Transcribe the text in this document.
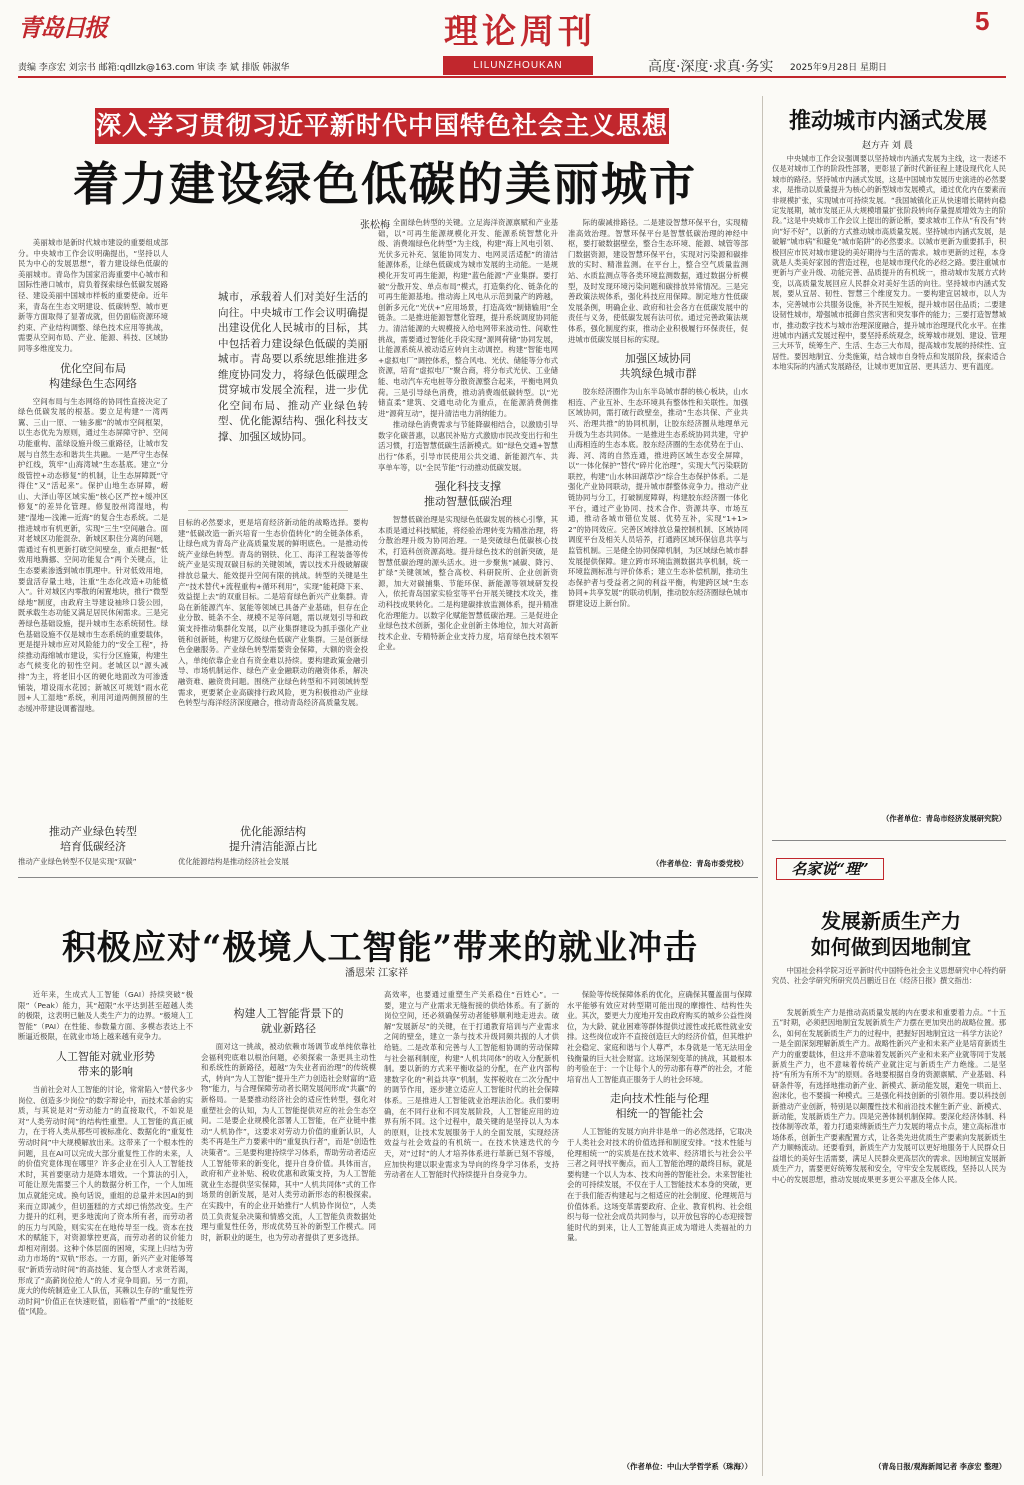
青岛日报	理论周刊	5
LILUNZHOUKAN	高度·深度·求真·务实
责编 李彦宏 刘宗书 邮箱:qdllzk@163.com 审读 李 斌 排版 韩淑华	2025年9月28日 星期日
深入学习贯彻习近平新时代中国特色社会主义思想
着力建设绿色低碳的美丽城市
张松梅

美丽城市是新时代城市建设的重要组成部分。中央城市工作会议明确提出，“坚持以人民为中心的发展思想”，着力建设绿色低碳的美丽城市。青岛作为国家沿海重要中心城市和国际性港口城市，肩负着探索绿色低碳发展路径、建设美丽中国城市样板的重要使命。近年来，青岛在生态文明建设、低碳转型、城市更新等方面取得了显著成就，但仍面临资源环境约束、产业结构调整、绿色技术应用等挑战，需要从空间布局、产业、能源、科技、区域协同等多维度发力。

优化空间布局
构建绿色生态网络

空间布局与生态网络的协同性直接决定了绿色低碳发展的根基。要立足构建“一湾两翼、三山一原、一轴多廊”的城市空间框架，以生态优先为原则，通过生态屏障守护、空间功能重构、蓝绿设施升级三重路径，让城市发展与自然生态和谐共生共融。一是严守生态保护红线，筑牢“山海湾城”生态基底。建立“分级管控+动态修复”的机制，让生态屏障既“守得住”又“活起来”。保护山地生态屏障，崂山、大泽山等区域实施“核心区严控+缓冲区修复”的差异化管理。修复胶州湾湿地，构建“湿地—浅滩—近海”的复合生态系统。二是推进城市有机更新，实现“三生”空间融合。面对老城区功能混杂、新城区职住分离的问题，需通过有机更新打破空间壁垒，重点把握“低效用地腾挪、空间功能复合”两个关键点，让生态要素渗透到城市肌理中。针对低效用地，要盘活存量土地，注重“生态化改造+功能植入”。针对城区内零散的闲置地块，推行“微型绿地”制度，由政府主导建设袖珍口袋公园，既承载生态功能又满足居民休闲需求。三是完善绿色基础设施，提升城市生态系统韧性。绿色基础设施不仅是城市生态系统的重要载体，更是提升城市应对风险能力的“安全工程”，持续推动海绵城市建设，实行分区施策，构建生态气候变化的韧性空间。老城区以“源头减排”为主，将老旧小区的硬化地面改为可渗透铺装，增设雨水花园；新城区可规划“雨水花园+人工湿地”系统，利用河道两侧预留的生态缓冲带建设调蓄湿地。

推动产业绿色转型
培育低碳经济
推动产业绿色转型不仅是实现“双碳”
城市，承载着人们对美好生活的向往。中央城市工作会议明确提出建设优化人民城市的目标，其中包括着力建设绿色低碳的美丽城市。青岛要以系统思维推进多维度协同发力，将绿色低碳理念贯穿城市发展全流程，进一步优化空间布局、推动产业绿色转型、优化能源结构、强化科技支撑、加强区域协同。
目标的必然要求，更是培育经济新动能的战略选择。要构建“低碳改造一新兴培育一生态价值转化”的全链条体系，让绿色成为青岛产业高质量发展的鲜明底色。一是推动传统产业绿色转型。青岛的钢铁、化工、海洋工程装备等传统产业是实现双碳目标的关键领域，需以技术升级破解碳排放总量大、能效提升空间有限的挑战。转型的关键是生产“技术替代+流程重构+循环利用”，实现“能耗降下来、效益提上去”的双重目标。二是培育绿色新兴产业集群。青岛在新能源汽车、氢能等领域已具备产业基础，但存在企业分散、链条不全、规模不足等问题，需以规划引导和政策支持推动集群化发展，以产业集群建设为抓手强化产业链和创新链，构建万亿级绿色低碳产业集群。三是创新绿色金融服务。产业绿色转型需要资金保障，大额的资金投入，单纯依靠企业自有资金难以持续。要构建政策金融引导、市场机制运作、绿色产业金融联动的融资体系，解决融资难、融资贵问题。围绕产业绿色转型和不同领域转型需求，更要紧企业高碳排行政风险，更为积极推动产业绿色转型与海洋经济深度融合，推动青岛经济高质量发展。
优化能源结构
提升清洁能源占比
优化能源结构是推动经济社会发展

全面绿色转型的关键。立足海洋资源禀赋和产业基础，以“可再生能源规模化开发、能源系统智慧化升级、消费端绿色化转型”为主线，构建“海上风电引领、光伏多元补充、氢能协同发力、电网灵活适配”的清洁能源体系，让绿色低碳成为城市发展的主动能。一是规模化开发可再生能源，构建“蓝色能源”产业集群。要打破“分散开发、单点布局”模式，打造集约化、链条化的可再生能源基地。推动海上风电从示范到量产的跨越，创新多元化“光伏+”应用场景，打造高效“制储输用”全链条。二是推进能源智慧化管理，提升系统调度协同能力。清洁能源的大规模接入给电网带来波动性、间歇性挑战，需要通过智能化手段实现“源网荷储”协同发展，让能源系统从被动适应转向主动调控。构建“智能电网+虚拟电厂”调控体系，整合风电、光伏、储能等分布式资源，培育“虚拟电厂”聚合商，将分布式光伏、工业储能、电动汽车充电桩等分散资源整合起来，平衡电网负荷。三是引导绿色消费，推动消费端低碳转型。以“光储直柔”建筑、交通电动化为重点，在能源消费侧推进“源荷互动”，提升清洁电力消纳能力。

推动绿色消费需求与节能降碳相结合，以激励引导数字化碳普惠，以惠民补贴方式激励市民改变出行和生活习惯，打造智慧低碳生活新模式。如“绿色交通+智慧出行”体系，引导市民使用公共交通、新能源汽车、共享单车等，以“全民节能”行动推动低碳发展。

强化科技支撑
推动智慧低碳治理

智慧低碳治理是实现绿色低碳发展的核心引擎，其本质是通过科技赋能，将经验治理转变为精准治理，将分散治理升级为协同治理。一是突破绿色低碳核心技术，打造科创资源高地。提升绿色技术的创新突破，是智慧低碳治理的源头活水。进一步聚焦“减碳、降污、扩绿”关键领域，整合高校、科研院所、企业创新资源，加大对碳捕集、节能环保、新能源等领域研发投入，依托青岛国家实验室等平台开展关键技术攻关，推动科技成果转化。二是构建碳排放监测体系，提升精准化治理能力。以数字化赋能智慧低碳治理。三是促进企业绿色技术创新，强化企业创新主体地位，加大对高新技术企业、专精特新企业支持力度，培育绿色技术领军企业。

际的碳减排路径。二是建设智慧环保平台，实现精准高效治理。智慧环保平台是智慧低碳治理的神经中枢，要打破数据壁垒，整合生态环境、能源、城管等部门数据资源，建设智慧环保平台，实现对污染源和碳排放的实时、精准监测。在平台上，整合空气质量监测站、水质监测点等各类环境监测数据，通过数据分析模型，及时发现环境污染问题和碳排放异常情况。三是完善政策法规体系，强化科技应用保障。制定地方性低碳发展条例，明确企业、政府和社会各方在低碳发展中的责任与义务，使低碳发展有法可依。通过完善政策法规体系，强化制度约束，推动企业积极履行环保责任，促进城市低碳发展目标的实现。

加强区域协同
共筑绿色城市群

胶东经济圈作为山东半岛城市群的核心板块，山水相连、产业互补、生态环境具有整体性和关联性。加强区域协同，需打破行政壁垒，推动“生态共保、产业共兴、治理共推”的协同机制，让胶东经济圈从地理单元升级为生态共同体。一是推进生态系统协同共建，守护山海相连的生态本底。胶东经济圈的生态优势在于山、海、河、湾的自然连通，推进跨区域生态安全屏障，以“一体化保护”替代“碎片化治理”，实现大气污染联防联控，构建“山水林田湖草沙”综合生态保护体系。二是强化产业协同联动，提升城市群整体竞争力。推动产业链协同与分工，打破制度障碍，构建胶东经济圈一体化平台，通过产业协同、技术合作、资源共享、市场互通，推动各城市错位发展、优势互补，实现“1+1>2”的协同效应。完善区域排放总量控制机制、区域协同调度平台及相关人员培养，打通跨区域环保信息共享与监管机制。三是健全协同保障机制，为区域绿色城市群发展提供保障。建立跨市环境监测数据共享机制，统一环境监测标准与评价体系；建立生态补偿机制，推动生态保护者与受益者之间的利益平衡，构建跨区域“生态协同+共享发展”的联动机制，推动胶东经济圈绿色城市群建设迈上新台阶。

（作者单位：青岛市委党校）
积极应对“极境人工智能”带来的就业冲击
潘恩荣 江家祥

近年来，生成式人工智能（GAI）持续突破“极限”（Peak）能力，其“超限”水平达到甚至超越人类的极限，这表明已触及人类生产力的边界。“极境人工智能”（PAI）在性能、参数量方面、多模态表达上不断逼近极限，在就业市场上越来越有竞争力。

人工智能对就业形势
带来的影响

当前社会对人工智能的讨论，常常陷入“替代多少岗位、创造多少岗位”的数字辩论中，而技术革命的实质，与其说是对“劳动能力”的直接取代，不如说是对“人类劳动时间”的结构性重塑。人工智能的真正威力，在于将人类从那些可被标准化、数据化的“重复性劳动时间”中大规模解放出来。这带来了一个根本性的问题，且在AI可以完成大部分重复性工作的未来，人的价值究竟体现在哪里？许多企业在引入人工智能技术时，其首要驱动力是降本增效。一个算法的引入，可能让原先需要三个人的数据分析工作，一个人加班加点就能完成。换句话说，重组的总量并未因AI的到来而立即减少，但切蛋糕的方式却已悄然改变。生产力提升的红利，更多地流向了资本所有者，而劳动者的压力与风险，则实实在在地传导至一线。资本在技术的赋能下，对资源掌控更高，而劳动者的议价能力却相对削弱。这种个体层面的困境，实现上归结为劳动力市场的“双轨”形态。一方面，新兴产业对能够驾驭“新质劳动时间”的高技能、复合型人才求贤若渴，形成了“高薪岗位抢人”的人才竞争局面。另一方面，庞大的传统制造业工人队伍，其赖以生存的“重复性劳动时间”价值正在快速贬值，面临着“严重”的“技能贬值”风险。

构建人工智能背景下的
就业新路径

面对这一挑战，被动依赖市场调节或单纯依靠社会福利兜底难以根治问题，必须探索一条更具主动性和系统性的新路径，超越“为失业者而治理”的传统模式，转向“为人工智能”提升生产力创造社会财富的“造物”能力，与合理保障劳动者长期发展间形成“共赢”的新格局。一是要推动经济社会的适应性转型，强化对重塑社会的认知，为人工智能提供对应的社会生态空间。二是要企业规模化部署人工智能，在产业链中推动“人机协作”，这要求对劳动力价值的重新认识，人类不再是生产力要素中的“重复执行者”，而是“创造性决策者”。三是要构建持续学习体系，帮助劳动者适应人工智能带来的新变化，提升自身价值。具体而言，政府和产业补贴、税收优惠和政策支持，为人工智能就业生态提供坚实保障，其中“人机共同体”式的工作场景的创新发展，是对人类劳动新形态的积极探索。在实践中，有的企业开始推行“人机协作岗位”，人类员工负责复杂决策和情感交流，人工智能负责数据处理与重复性任务，形成优势互补的新型工作模式。同时，新职业的诞生，也为劳动者提供了更多选择。

高效率，也要通过重塑生产关系稳住“百姓心”。一要，建立与产业需求无缝衔接的供给体系。有了新的岗位空间，还必须确保劳动者能够顺利地走进去。破解“发展新尽”的关键，在于打通教育培训与产业需求之间的壁垒，建立一条与技术升级同频共振的人才供给链。二是改革和完善与人工智能相协调的劳动保障与社会福利制度，构建“人机共同体”的收入分配新机制。要以新的方式来平衡收益的分配，在产业内部构建数字化的“利益共享”机制，发挥税收在二次分配中的调节作用，逐步建立适应人工智能时代的社会保障体系。三是推进人工智能就业治理法治化。我们要明确，在不同行业和不同发展阶段，人工智能应用的边界有所不同。这个过程中，最关键的是坚持以人为本的原则，让技术发展服务于人的全面发展，实现经济效益与社会效益的有机统一。在技术快速迭代的今天，对“过时”的人才培养体系进行革新已刻不容缓，应加快构建以职业需求为导向的终身学习体系，支持劳动者在人工智能时代持续提升自身竞争力。

保险等传统保障体系的优化，应确保其覆盖面与保障水平能够有效应对转型期可能出现的摩擦性、结构性失业。其次，要更大力度地开发由政府购买的城乡公益性岗位，为大龄、就业困难等群体提供过渡性或托底性就业安排。这些岗位或许不直接创造巨大的经济价值，但其维护社会稳定、家庭和谐与个人尊严，本身就是一笔无法用金钱衡量的巨大社会财富。这场深刻变革的挑战，其最根本的考验在于：一个让每个人的劳动都有尊严的社会，才能培育出人工智能真正服务于人的社会环境。

走向技术性能与伦理
相统一的智能社会

人工智能的发展方向并非是单一的必然选择，它取决于人类社会对技术的价值选择和制度安排。“技术性能与伦理相统一”的实质是在技术效率、经济增长与社会公平三者之间寻找平衡点，而人工智能治理的最终目标，就是要构建一个以人为本、技术向善的智能社会。未来智能社会的可持续发展，不仅在于人工智能技术本身的突破，更在于我们能否构建起与之相适应的社会制度、伦理规范与价值体系。这场变革需要政府、企业、教育机构、社会组织与每一位社会成员共同参与，以开放包容的心态迎接智能时代的到来，让人工智能真正成为增进人类福祉的力量。

（作者单位：中山大学哲学系（珠海））
推动城市内涵式发展
赵方卉 刘 晨

中央城市工作会议强调要以坚持城市内涵式发展为主线，这一表述不仅是对城市工作的阶段性部署，更彰显了新时代新征程上建设现代化人民城市的路径。坚持城市内涵式发展，这是中国城市发展历史演进的必然要求，是推动以质量提升为核心的新型城市发展模式，通过优化内在要素而非规模扩张，实现城市可持续发展。“我国城镇化正从快速增长期转向稳定发展期，城市发展正从大规模增量扩张阶段转向存量提质增效为主的阶段。”这是中央城市工作会议上提出的新论断，要求城市工作从“有没有”转向“好不好”，以新的方式推动城市高质量发展。坚持城市内涵式发展，是破解“城市病”和避免“城市陷阱”的必然要求。以城市更新为重要抓手，积极回应市民对城市建设的美好期待与生活的需求。城市更新的过程，本身就是人类美好家园的营造过程，也是城市现代化的必经之路。要注重城市更新与产业升级、功能完善、品质提升的有机统一，推动城市发展方式转变，以高质量发展回应人民群众对美好生活的向往。坚持城市内涵式发展，要从宜居、韧性、智慧三个维度发力。一要构建宜居城市，以人为本，完善城市公共服务设施，补齐民生短板，提升城市居住品质；二要建设韧性城市，增强城市抵御自然灾害和突发事件的能力；三要打造智慧城市，推动数字技术与城市治理深度融合，提升城市治理现代化水平。在推进城市内涵式发展过程中，要坚持系统观念，统筹城市规划、建设、管理三大环节，统筹生产、生活、生态三大布局，提高城市发展的持续性、宜居性。要因地制宜、分类施策，结合城市自身特点和发展阶段，探索适合本地实际的内涵式发展路径，让城市更加宜居、更具活力、更有温度。

（作者单位：青岛市经济发展研究院）
名家说“理”
发展新质生产力
如何做到因地制宜

中国社会科学院习近平新时代中国特色社会主义思想研究中心特约研究员、社会学研究所研究员吕鹏近日在《经济日报》撰文指出：

发展新质生产力是推动高质量发展的内在要求和重要着力点。“十五五”时期，必须把因地制宜发展新质生产力摆在更加突出的战略位置。那么，如何在发展新质生产力的过程中，把握好因地制宜这一科学方法论？一是全面深刻理解新质生产力。战略性新兴产业和未来产业是培育新质生产力的重要载体，但这并不意味着发展新兴产业和未来产业就等同于发展新质生产力，也不意味着传统产业就注定与新质生产力绝缘。二是坚持“有所为有所不为”的原则。各地要根据自身的资源禀赋、产业基础、科研条件等，有选择地推动新产业、新模式、新动能发展，避免一哄而上、泡沫化，也不要搞一种模式。三是强化科技创新的引领作用。要以科技创新推动产业创新，特别是以颠覆性技术和前沿技术催生新产业、新模式、新动能，发展新质生产力。四是完善体制机制保障。要深化经济体制、科技体制等改革，着力打通束缚新质生产力发展的堵点卡点，建立高标准市场体系，创新生产要素配置方式，让各类先进优质生产要素向发展新质生产力顺畅流动。还要看到，新质生产力发展可以更好地服务于人民群众日益增长的美好生活需要，满足人民群众更高层次的需求。因地制宜发展新质生产力，需要更好统筹发展和安全，守牢安全发展底线，坚持以人民为中心的发展思想，推动发展成果更多更公平惠及全体人民。

（青岛日报/观海新闻记者 李彦宏 整理）
